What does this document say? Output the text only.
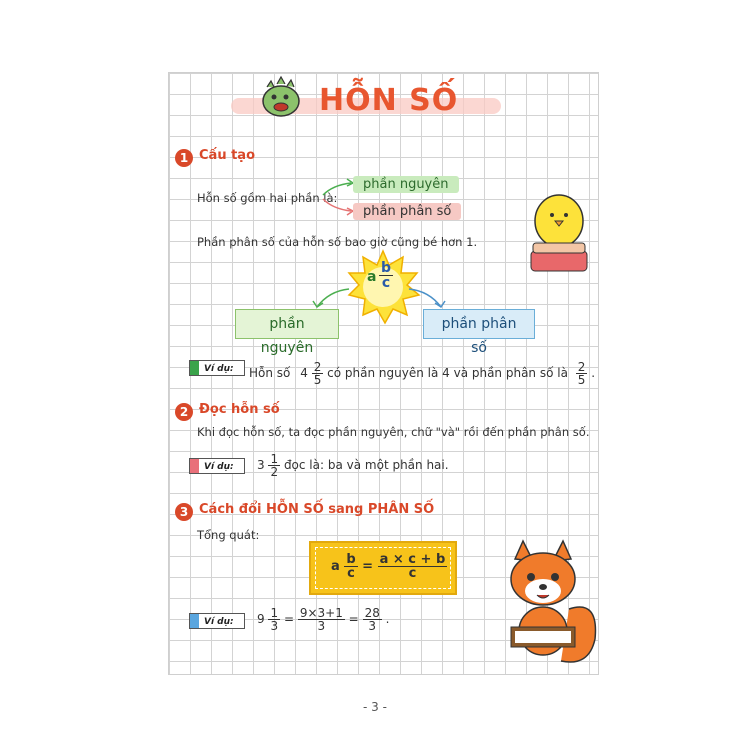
HỖN SỐ
1 Cấu tạo
Hỗn số gồm hai phần là:
phần nguyên
phần phân số
Phần phân số của hỗn số bao giờ cũng bé hơn 1.
a $\frac{b}{c}$
phần nguyên
phần phân số
Ví dụ:	Hỗn số $4 \frac{2}{5}$ có phần nguyên là 4 và phần phân số là $\frac{2}{5}$ .
2 Đọc hỗn số
Khi đọc hỗn số, ta đọc phần nguyên, chữ "và" rồi đến phần phân số.
Ví dụ:	$3 \frac{1}{2}$ đọc là: ba và một phần hai.
3 Cách đổi HỖN SỐ sang PHÂN SỐ
Tổng quát:
a $\frac{b}{c} = \frac{a \times c + b}{c}$
Ví dụ:	$9 \frac{1}{3} = \frac{9\times 3+1}{3} = \frac{28}{3}$ .
- 3 -
